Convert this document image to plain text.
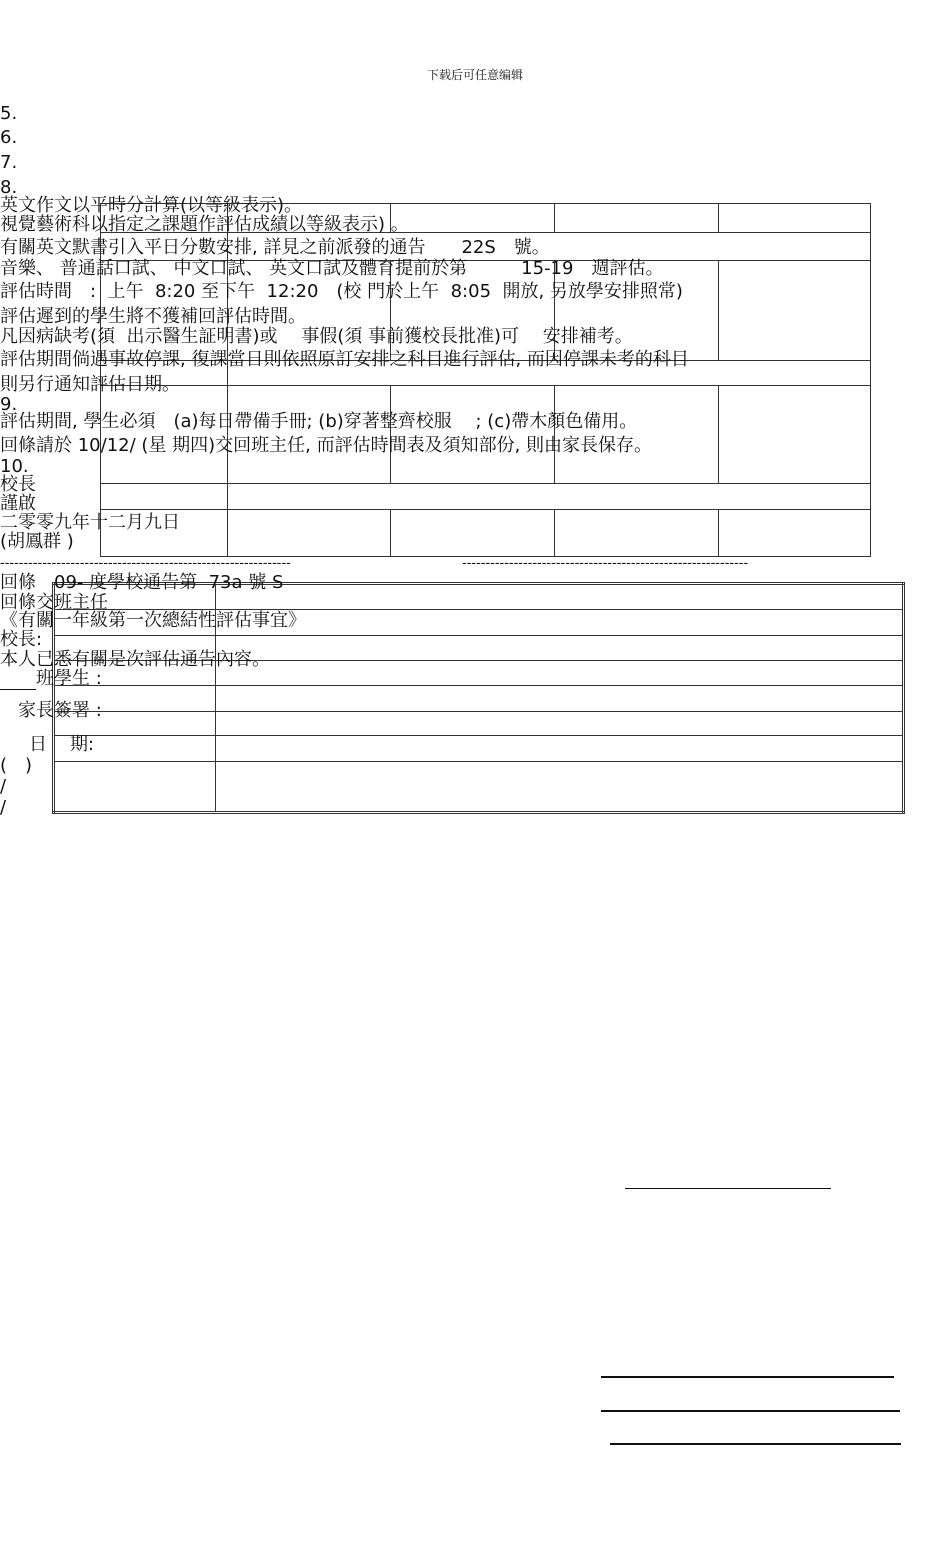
下载后可任意编辑

5.
6.
7.
8.
英文作文以平時分計算(以等級表示)。
視覺藝術科以指定之課題作評估成績以等級表示) 。
有關英文默書引入平日分數安排, 詳見之前派發的通告　　22S　號。
音樂、 普通話口試、 中文口試、 英文口試及體育提前於第　　　15-19　週評估。
評估時間　:  上午  8:20 至下午  12:20　(校 門於上午  8:05  開放, 另放學安排照常)
評估遲到的學生將不獲補回評估時間。
凡因病缺考(須  出示醫生証明書)或　 事假(須 事前獲校長批准)可　 安排補考。
評估期間倘遇事故停課, 復課當日則依照原訂安排之科目進行評估, 而因停課未考的科目
則另行通知評估日期。
9.
評估期間, 學生必須　(a)每日帶備手冊; (b)穿著整齊校服　 ; (c)帶木顏色備用。
回條請於 10/12/ (星 期四)交回班主任, 而評估時間表及須知部份, 則由家長保存。
10.
校長
謹啟
二零零九年十二月九日
(胡鳳群 )
--------------------------------------------------------------	-------------------------------------------------------------
回條　09- 度學校通告第  73a 號 S
回條交班主任
《有關一年級第一次總結性評估事宜》
校長:
本人已悉有關是次評估通告內容。
班學生 :
家長簽署 :
日 期:
(　)
/
/
